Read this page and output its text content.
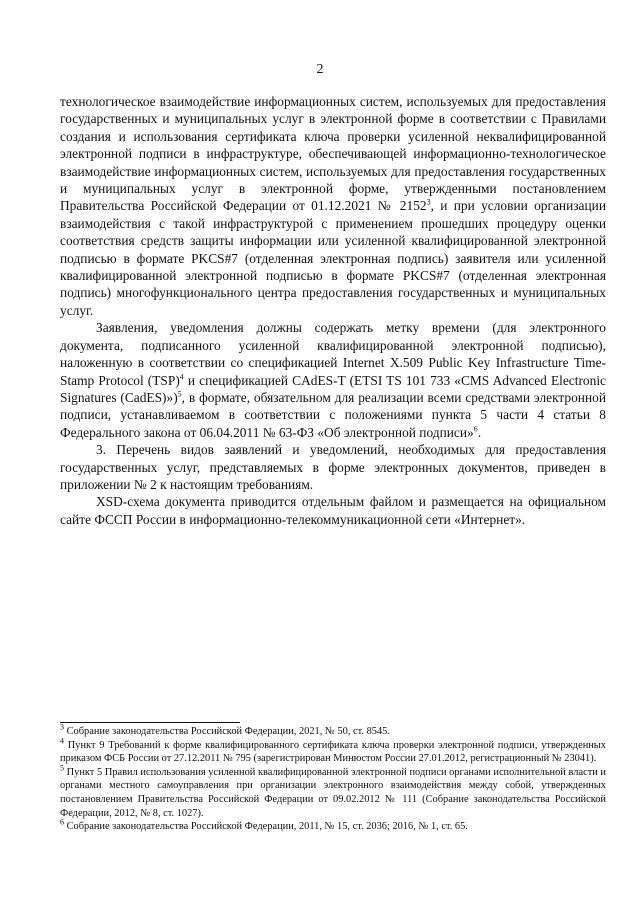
2

технологическое взаимодействие информационных систем, используемых для предоставления государственных и муниципальных услуг в электронной форме в соответствии с Правилами создания и использования сертификата ключа проверки усиленной неквалифицированной электронной подписи в инфраструктуре, обеспечивающей информационно-технологическое взаимодействие информационных систем, используемых для предоставления государственных и муниципальных услуг в электронной форме, утвержденными постановлением Правительства Российской Федерации от 01.12.2021 № 2152$^3$, и при условии организации взаимодействия с такой инфраструктурой с применением прошедших процедуру оценки соответствия средств защиты информации или усиленной квалифицированной электронной подписью в формате PKCS#7 (отделенная электронная подпись) заявителя или усиленной квалифицированной электронной подписью в формате PKCS#7 (отделенная электронная подпись) многофункционального центра предоставления государственных и муниципальных услуг.

Заявления, уведомления должны содержать метку времени (для электронного документа, подписанного усиленной квалифицированной электронной подписью), наложенную в соответствии со спецификацией Internet X.509 Public Key Infrastructure Time-Stamp Protocol (TSP)$^4$ и спецификацией CAdES-T (ETSI TS 101 733 «CMS Advanced Electronic Signatures (CadES)»)$^5$, в формате, обязательном для реализации всеми средствами электронной подписи, устанавливаемом в соответствии с положениями пункта 5 части 4 статьи 8 Федерального закона от 06.04.2011 № 63-ФЗ «Об электронной подписи»$^6$.

3. Перечень видов заявлений и уведомлений, необходимых для предоставления государственных услуг, представляемых в форме электронных документов, приведен в приложении № 2 к настоящим требованиям.

XSD-схема документа приводится отдельным файлом и размещается на официальном сайте ФССП России в информационно-телекоммуникационной сети «Интернет».

$^3$ Собрание законодательства Российской Федерации, 2021, № 50, ст. 8545.

$^4$ Пункт 9 Требований к форме квалифицированного сертификата ключа проверки электронной подписи, утвержденных приказом ФСБ России от 27.12.2011 № 795 (зарегистрирован Минюстом России 27.01.2012, регистрационный № 23041).

$^5$ Пункт 5 Правил использования усиленной квалифицированной электронной подписи органами исполнительной власти и органами местного самоуправления при организации электронного взаимодействия между собой, утвержденных постановлением Правительства Российской Федерации от 09.02.2012 № 111 (Собрание законодательства Российской Федерации, 2012, № 8, ст. 1027).

$^6$ Собрание законодательства Российской Федерации, 2011, № 15, ст. 2036; 2016, № 1, ст. 65.
